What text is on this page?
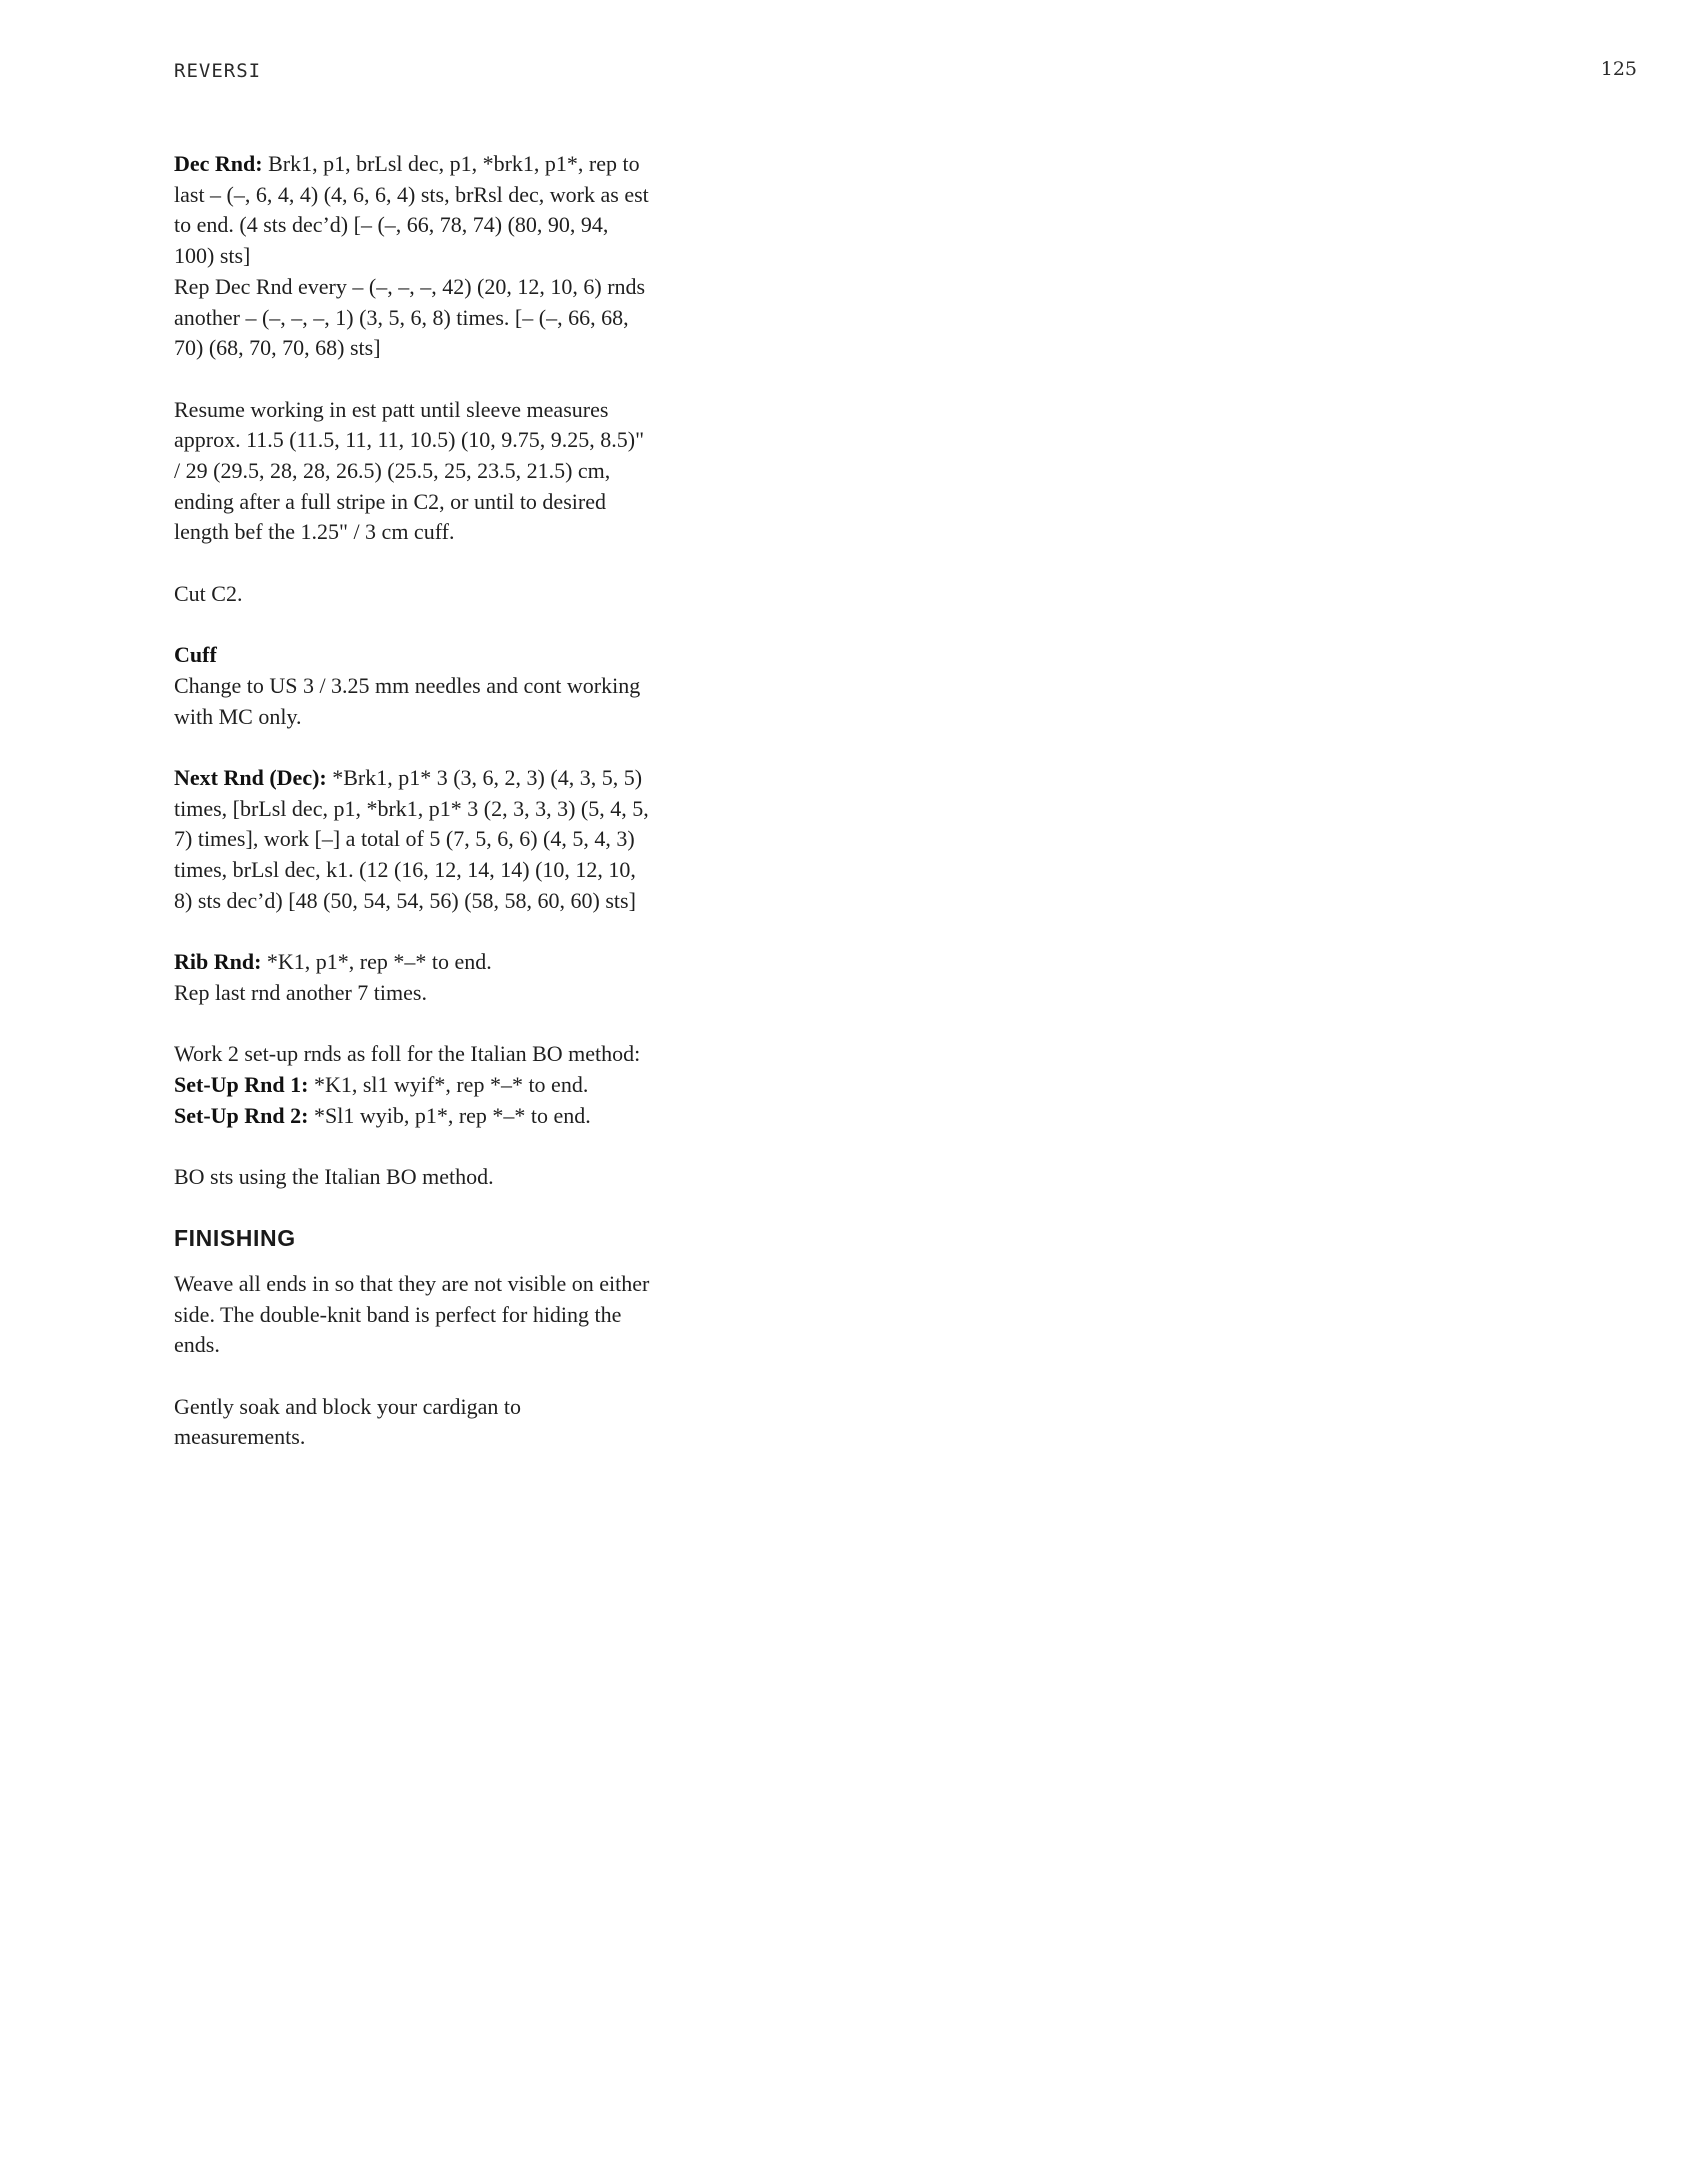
REVERSI	125

Dec Rnd: Brk1, p1, brLsl dec, p1, *brk1, p1*, rep to last – (–, 6, 4, 4) (4, 6, 6, 4) sts, brRsl dec, work as est to end. (4 sts dec’d) [– (–, 66, 78, 74) (80, 90, 94, 100) sts]

Rep Dec Rnd every – (–, –, –, 42) (20, 12, 10, 6) rnds another – (–, –, –, 1) (3, 5, 6, 8) times. [– (–, 66, 68, 70) (68, 70, 70, 68) sts]

Resume working in est patt until sleeve measures approx. 11.5 (11.5, 11, 11, 10.5) (10, 9.75, 9.25, 8.5)" / 29 (29.5, 28, 28, 26.5) (25.5, 25, 23.5, 21.5) cm, ending after a full stripe in C2, or until to desired length bef the 1.25" / 3 cm cuff.

Cut C2.

Cuff

Change to US 3 / 3.25 mm needles and cont working with MC only.

Next Rnd (Dec): *Brk1, p1* 3 (3, 6, 2, 3) (4, 3, 5, 5) times, [brLsl dec, p1, *brk1, p1* 3 (2, 3, 3, 3) (5, 4, 5, 7) times], work [–] a total of 5 (7, 5, 6, 6) (4, 5, 4, 3) times, brLsl dec, k1. (12 (16, 12, 14, 14) (10, 12, 10, 8) sts dec’d) [48 (50, 54, 54, 56) (58, 58, 60, 60) sts]

Rib Rnd: *K1, p1*, rep *–* to end.

Rep last rnd another 7 times.

Work 2 set-up rnds as foll for the Italian BO method:

Set-Up Rnd 1: *K1, sl1 wyif*, rep *–* to end.

Set-Up Rnd 2: *Sl1 wyib, p1*, rep *–* to end.

BO sts using the Italian BO method.

FINISHING

Weave all ends in so that they are not visible on either side. The double-knit band is perfect for hiding the ends.

Gently soak and block your cardigan to measurements.
